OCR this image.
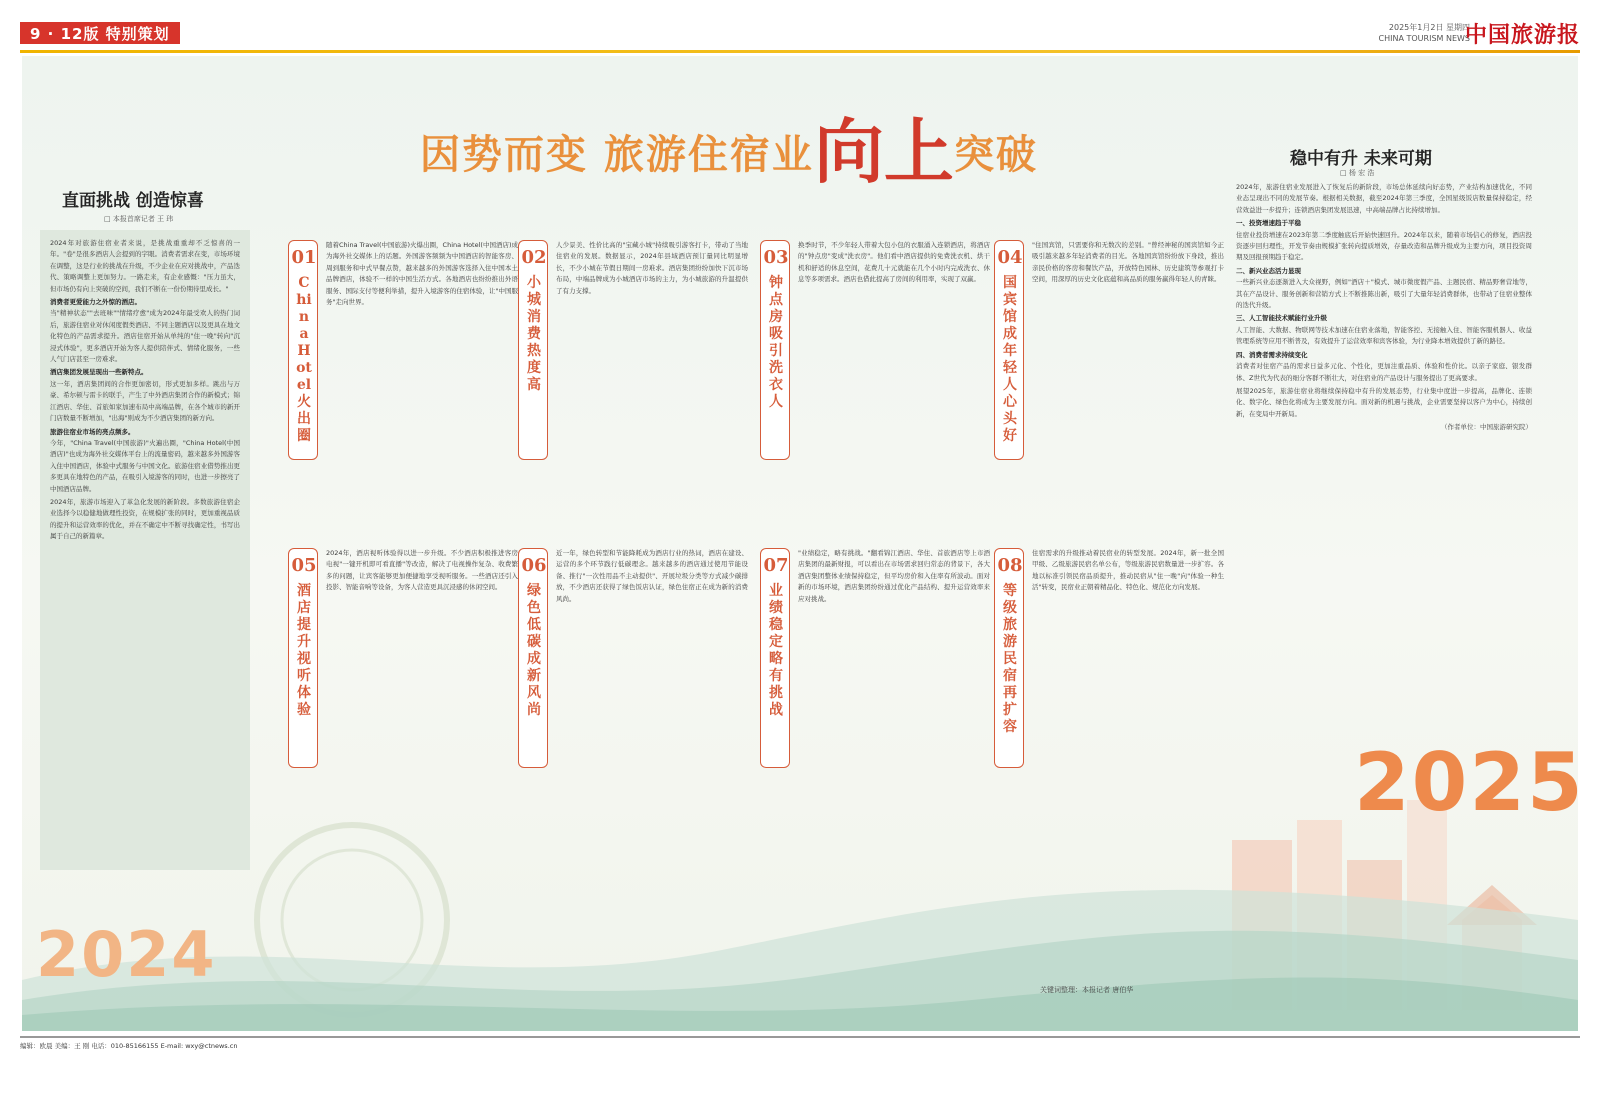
9 · 12版 特别策划	2025年1月2日 星期四
CHINA TOURISM NEWS
中国旅游报
因势而变 旅游住宿业向上突破
直面挑战 创造惊喜
□ 本报首席记者 王 玮

2024年对旅游住宿业者来说，是挑战重重却不乏惊喜的一年。"卷"是很多酒店人会提到的字眼。消费者需求在变，市场环境在调整，这是行业的挑战在升级，不少企业在应对挑战中，产品迭代、策略调整上更加努力。一路走来，有企业感慨："压力虽大，但市场仍有向上突破的空间，我们不断在一份份期待里成长。"

消费者更爱能力之外惊的酒店。

当"精神状态""去班味""情绪疗愈"成为2024年最受欢人的热门词后，旅游住宿业对休闲度假类酒店、不同主题酒店以及更具在地文化特色的产品需求提升。酒店住宿开始从单纯的"住一晚"转向"沉浸式体验"，更多酒店开始为客人提供陪伴式、情绪化服务，一些人气门店甚至一房难求。

酒店集团发展呈现出一些新特点。

这一年，酒店集团间的合作更加密切，形式更加多样。跳出与万豪、希尔顿与雷卡的联手，产生了中外酒店集团合作的新模式；锦江酒店、华住、首旅如家加速布局中高端品牌，在各个城市的新开门店数量不断增加，"出海"则成为不少酒店集团的新方向。

旅游住宿业市场的亮点频多。

今年，"China Travel(中国旅游)"火遍出圈，"China Hotel(中国酒店)"也成为海外社交媒体平台上的流量密码，越来越多外国游客入住中国酒店，体验中式服务与中国文化。旅游住宿业借势推出更多更具在地特色的产品，在吸引入境游客的同时，也进一步擦亮了中国酒店品牌。

2024年，旅游市场迎入了革急化发展的新阶段。多数旅游住宿企业选择今以稳健地做理性投资，在规模扩张的同时，更加重视品质的提升和运营效率的优化，并在不确定中不断寻找确定性，书写出属于自己的新篇章。

稳中有升 未来可期
□ 杨 宏 浩

2024年，旅游住宿业发展进入了恢复后的新阶段，市场总体延续向好态势，产业结构加速优化，不同业态呈现出不同的发展节奏。根据相关数据，截至2024年第三季度，全国星级饭店数量保持稳定，经营效益进一步提升；连锁酒店集团发展迅速，中高端品牌占比持续增加。

一、投资增速趋于平稳

住宿业投资增速在2023年第二季度触底后开始快速回升。2024年以来，随着市场信心的修复，酒店投资逐步回归理性，开发节奏由规模扩张转向提质增效，存量改造和品牌升级成为主要方向，项目投资周期及回报预期趋于稳定。

二、新兴业态活力显现

一些新兴业态逐渐进入大众视野，例如"酒店＋"模式、城市微度假产品、主题民宿、精品野奢营地等，其在产品设计、服务创新和营销方式上不断推陈出新，吸引了大量年轻消费群体，也带动了住宿业整体的迭代升级。

三、人工智能技术赋能行业升级

人工智能、大数据、物联网等技术加速在住宿业落地，智能客控、无接触入住、智能客服机器人、收益管理系统等应用不断普及，有效提升了运营效率和宾客体验，为行业降本增效提供了新的路径。

四、消费者需求持续变化

消费者对住宿产品的需求日益多元化、个性化，更加注重品质、体验和性价比。以亲子家庭、银发群体、Z世代为代表的细分客群不断壮大，对住宿业的产品设计与服务提出了更高要求。

展望2025年，旅游住宿业将继续保持稳中有升的发展态势，行业集中度进一步提高，品牌化、连锁化、数字化、绿色化将成为主要发展方向。面对新的机遇与挑战，企业需要坚持以客户为中心，持续创新，在变局中开新局。

（作者单位：中国旅游研究院）

01
China Hotel火出圈

随着China Travel(中国旅游)火爆出圈，China Hotel(中国酒店)成为海外社交媒体上的话题。外国游客频频为中国酒店的智能客房、周到服务和中式早餐点赞，越来越多的外国游客选择入住中国本土品牌酒店，体验不一样的中国生活方式。各地酒店也纷纷推出外语服务、国际支付等便利举措，提升入境游客的住宿体验，让"中国服务"走向世界。

02
小城消费热度高

人少景美、性价比高的"宝藏小城"持续吸引游客打卡，带动了当地住宿业的发展。数据显示，2024年县域酒店预订量同比明显增长，不少小城在节假日期间一房难求。酒店集团纷纷加快下沉市场布局，中端品牌成为小城酒店市场的主力，为小城旅游的升温提供了有力支撑。

03
钟点房吸引洗衣人

换季时节，不少年轻人带着大包小包的衣服涌入连锁酒店，将酒店的"钟点房"变成"洗衣房"。他们看中酒店提供的免费洗衣机、烘干机和舒适的休息空间，花费几十元就能在几个小时内完成洗衣、休息等多项需求。酒店也借此提高了房间的利用率，实现了双赢。

04
国宾馆成年轻人心头好

"住国宾馆，只需要你和无数次的差别。"曾经神秘的国宾馆如今正吸引越来越多年轻消费者的目光。各地国宾馆纷纷放下身段，推出亲民价格的客房和餐饮产品，开放特色园林、历史建筑等参观打卡空间，用深厚的历史文化底蕴和高品质的服务赢得年轻人的青睐。

05
酒店提升视听体验

2024年，酒店视听体验得以进一步升级。不少酒店积极推进客房电视"一键开机即可看直播"等改造，解决了电视操作复杂、收费繁多的问题，让宾客能够更加便捷地享受视听服务。一些酒店还引入投影、智能音响等设备，为客人营造更具沉浸感的休闲空间。

06
绿色低碳成新风尚

近一年，绿色转型和节能降耗成为酒店行业的热词，酒店在建设、运营的多个环节践行低碳理念。越来越多的酒店通过使用节能设备、推行"一次性用品不主动提供"、开展垃圾分类等方式减少碳排放，不少酒店还获得了绿色饭店认证，绿色住宿正在成为新的消费风尚。

07
业绩稳定略有挑战

"业绩稳定，略有挑战。"翻看锦江酒店、华住、首旅酒店等上市酒店集团的最新财报，可以看出在市场需求回归常态的背景下，各大酒店集团整体业绩保持稳定，但平均房价和入住率有所波动。面对新的市场环境，酒店集团纷纷通过优化产品结构、提升运营效率来应对挑战。

08
等级旅游民宿再扩容

住宿需求的升级推动着民宿业的转型发展。2024年，新一批全国甲级、乙级旅游民宿名单公布，等级旅游民宿数量进一步扩容。各地以标准引领民宿品质提升，推动民宿从"住一晚"向"体验一种生活"转变，民宿业正朝着精品化、特色化、规范化方向发展。

2024
2025
关键词整理：本报记者 唐伯华
编辑：欧晨 美编：王 刚 电话：010-85166155 E-mail: wxy@ctnews.cn
